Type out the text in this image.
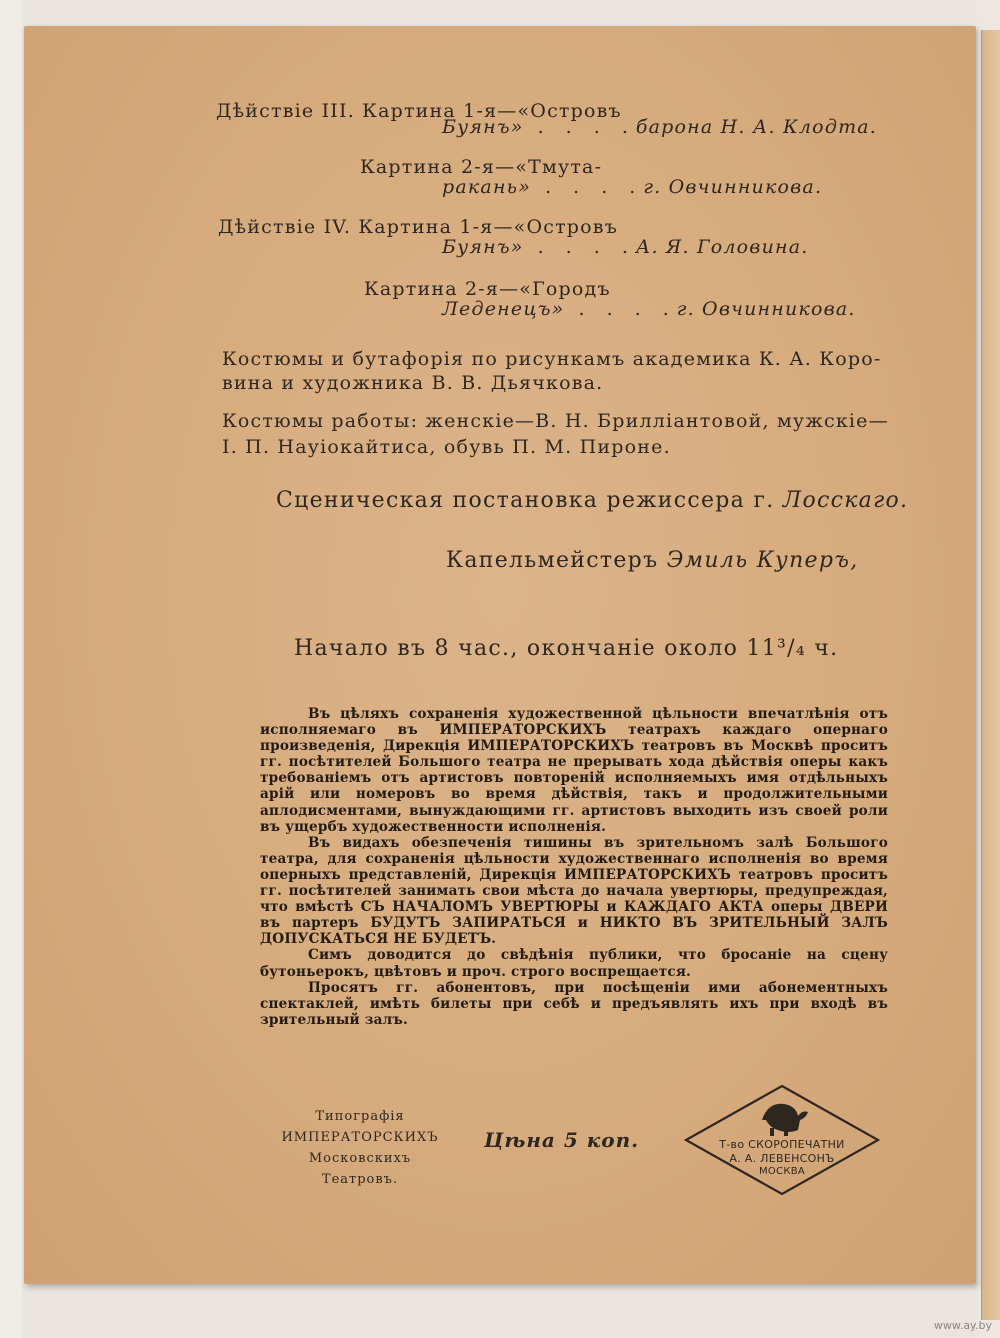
Дѣйствіе III. Картина 1-я—«Островъ
Буянъ» . . . .барона Н. А. Клодта.
Картина 2-я—«Тмута-
ракань» . . . .г. Овчинникова.
Дѣйствіе IV. Картина 1-я—«Островъ
Буянъ» . . . .А. Я. Головина.
Картина 2-я—«Городъ
Леденецъ» . . . .г. Овчинникова.
Костюмы и бутафорія по рисункамъ академика К. А. Коро-
вина и художника В. В. Дьячкова.
Костюмы работы: женскіе—В. Н. Бриллiантовой, мужскіе—
I. П. Науіокайтиса, обувь П. М. Пироне.
Сценическая постановка режиссера г. Лосскаго.
Капельмейстеръ Эмиль Куперъ,
Начало въ 8 час., окончаніе около 11³/₄ ч.

Въ цѣляхъ сохраненія художественной цѣльности впечатлѣнія отъ исполняемаго въ ИМПЕРАТОРСКИХЪ театрахъ каждаго опернаго произведенія, Дирекція ИМПЕРАТОРСКИХЪ театровъ въ Москвѣ проситъ гг. посѣтителей Большого театра не прерывать хода дѣйствія оперы какъ требованіемъ отъ артистовъ повтореній исполняемыхъ имя отдѣльныхъ арій или номеровъ во время дѣйствія, такъ и продолжительными аплодисментами, вынуждающими гг. артистовъ выходить изъ своей роли въ ущербъ художественности исполненія.

Въ видахъ обезпеченія тишины въ зрительномъ залѣ Большого театра, для сохраненія цѣльности художественнаго исполненія во время оперныхъ представленій, Дирекція ИМПЕРАТОРСКИХЪ театровъ проситъ гг. посѣтителей занимать свои мѣста до начала увертюры, предупреждая, что вмѣстѣ СЪ НАЧАЛОМЪ УВЕРТЮРЫ и КАЖДАГО АКТА оперы ДВЕРИ въ партеръ БУДУТЪ ЗАПИРАТЬСЯ и НИКТО ВЪ ЗРИТЕЛЬНЫЙ ЗАЛЪ ДОПУСКАТЬСЯ НЕ БУДЕТЪ.

Симъ доводится до свѣдѣнія публики, что бросаніе на сцену бутоньерокъ, цвѣтовъ и проч. строго воспрещается.

Просятъ гг. абонентовъ, при посѣщеніи ими абонементныхъ спектаклей, имѣть билеты при себѣ и предъявлять ихъ при входѣ въ зрительный залъ.

Типографія
ИМПЕРАТОРСКИХЪ
Московскихъ
Театровъ.
Цѣна 5 коп.	Т-во СКОРОПЕЧАТНИ
А. А. ЛЕВЕНСОНЪ
МОСКВА
www.ay.by
